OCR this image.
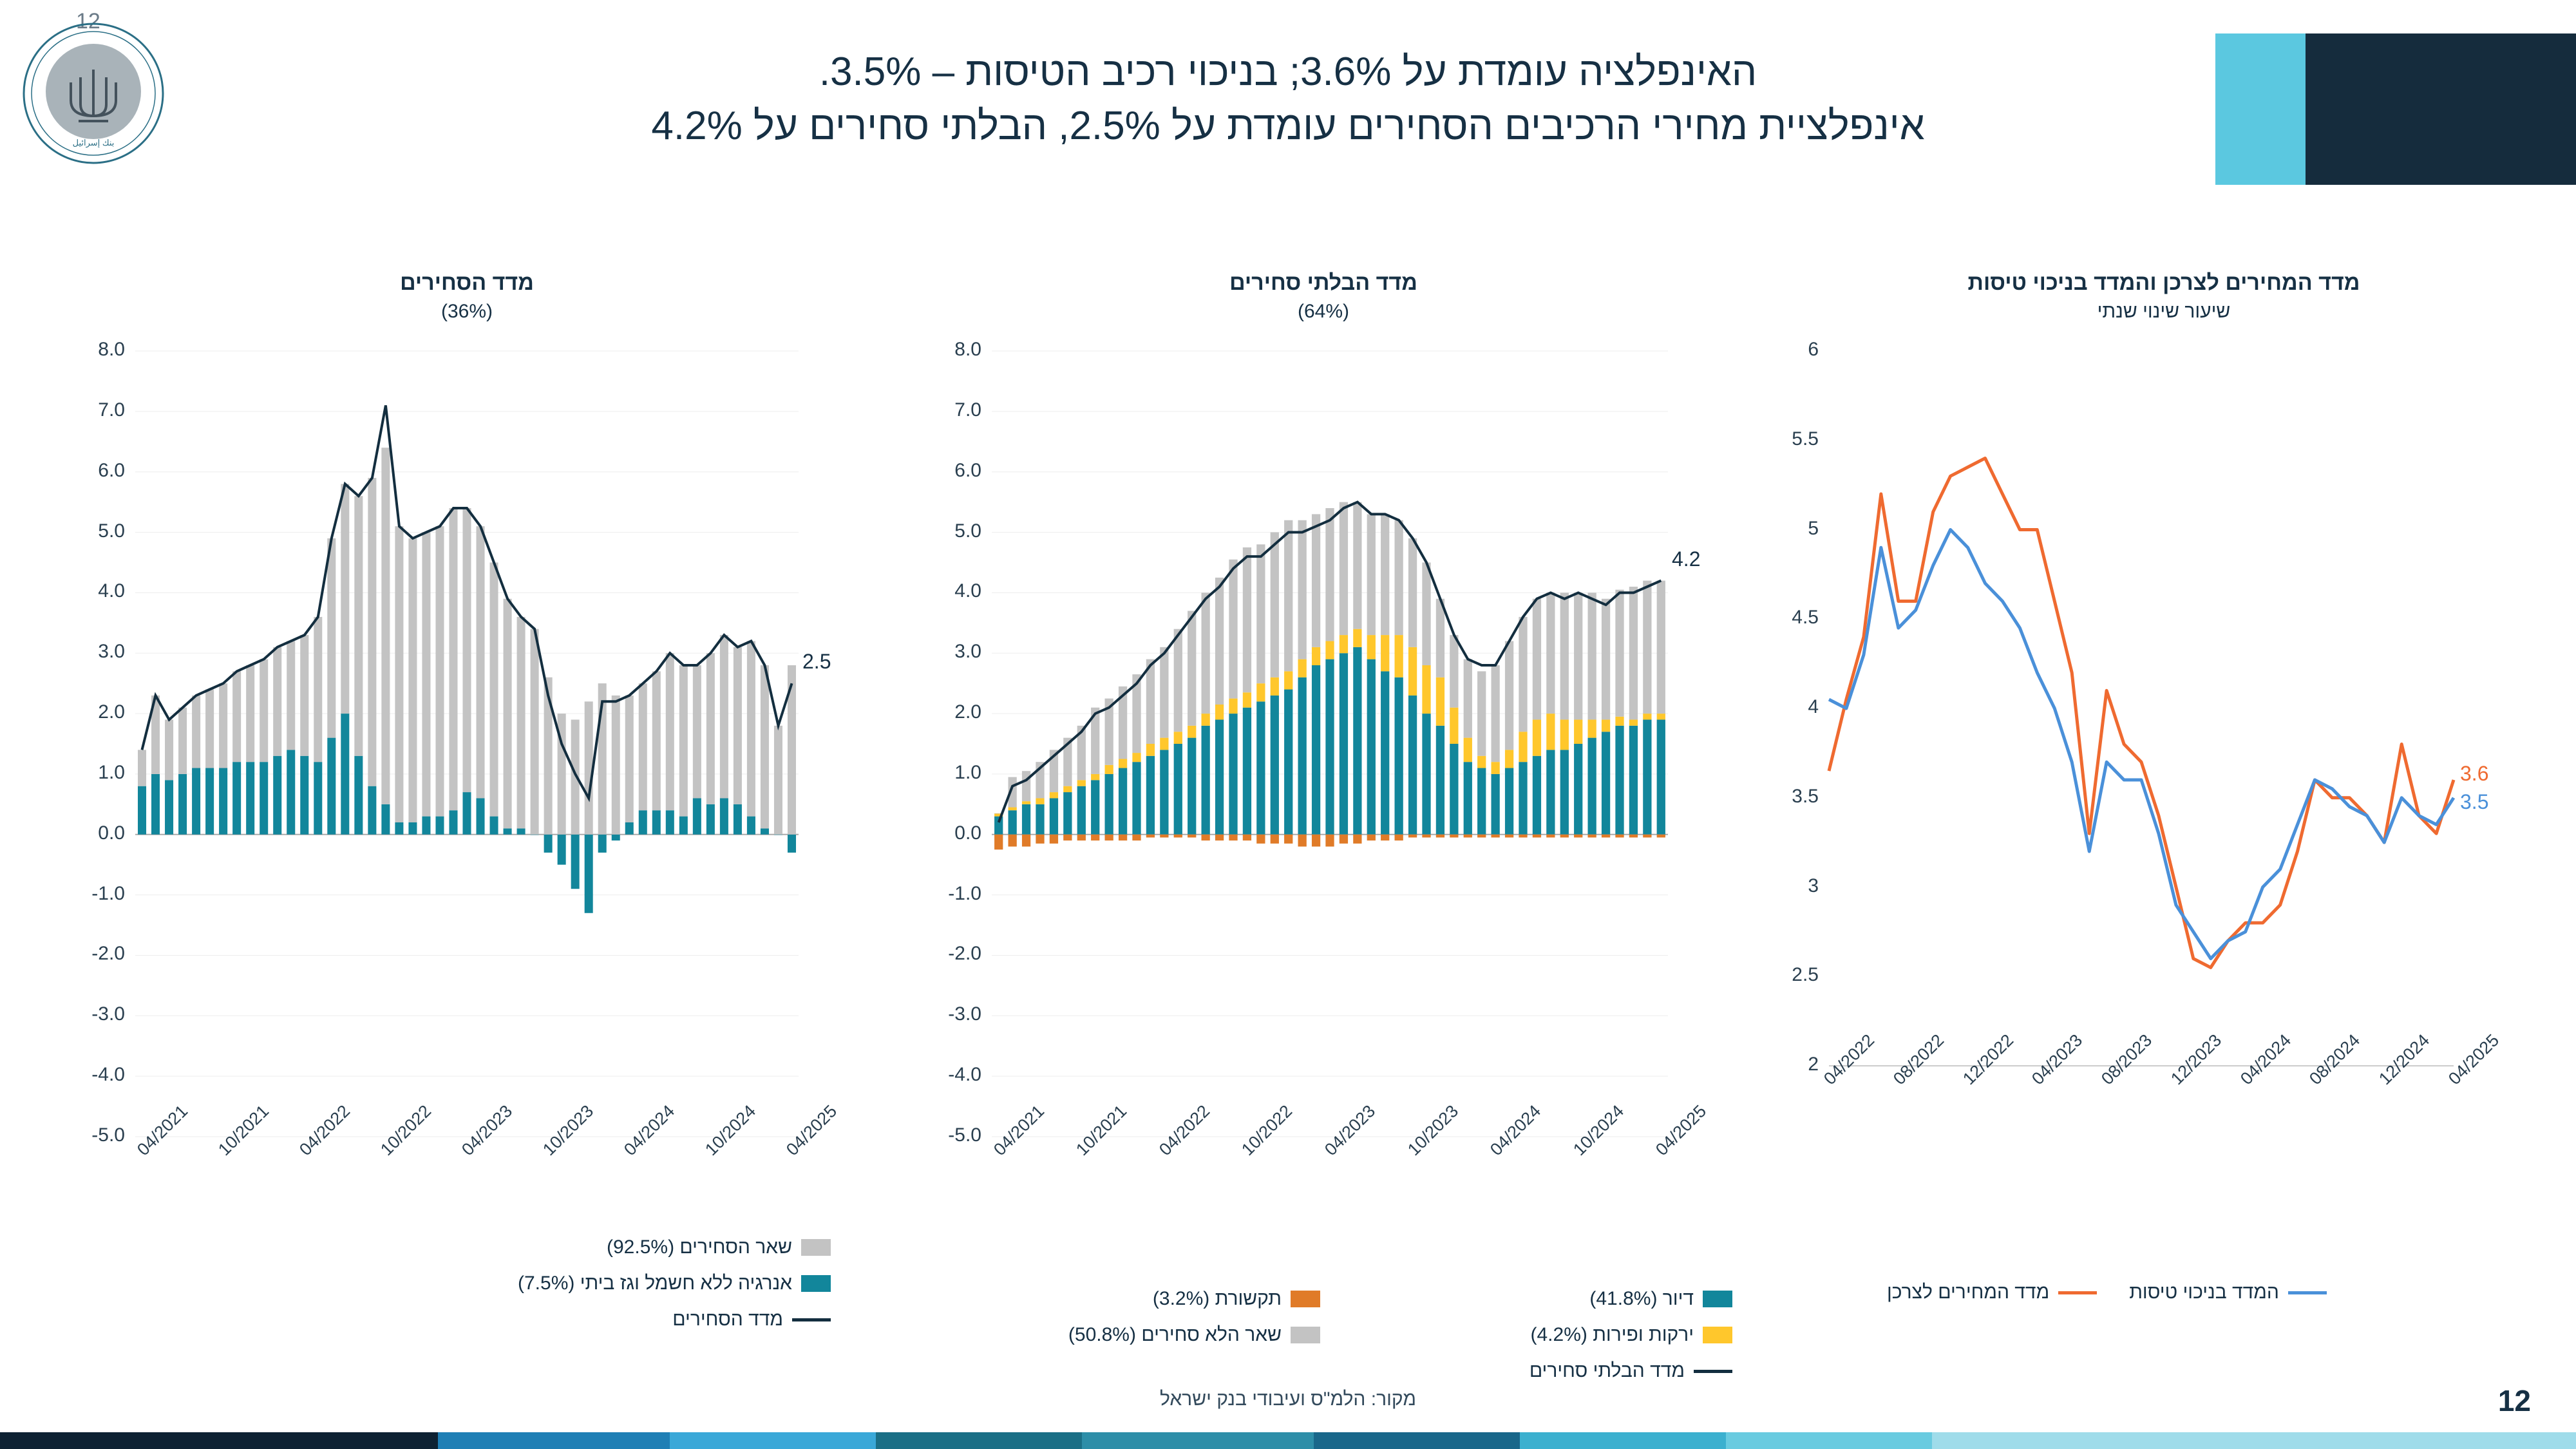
12
بنك إسرائيل
האינפלציה עומדת על 3.6%; בניכוי רכיב הטיסות – 3.5%.
אינפלציית מחירי הרכיבים הסחירים עומדת על 2.5%, הבלתי סחירים על 4.2%
מדד הסחירים
(36%)
8.0
7.0
6.0
5.0
4.0
3.0
2.0
1.0
0.0
-1.0
-2.0
-3.0
-4.0
-5.0 04/2021 10/2021 04/2022 10/2022 04/2023 10/2023 04/2024 10/2024 04/2025
2.5
שאר הסחירים (92.5%)
אנרגיה ללא חשמל וגז ביתי (7.5%)
מדד הסחירים
מדד הבלתי סחירים
(64%)
8.0
7.0
6.0
5.0
4.0
3.0
2.0
1.0
0.0
-1.0
-2.0
-3.0
-4.0
-5.0 04/2021 10/2021 04/2022 10/2022 04/2023 10/2023 04/2024 10/2024 04/2025
4.2
דיור (41.8%)
תקשורת (3.2%)
ירקות ופירות (4.2%)
שאר הלא סחירים (50.8%)
מדד הבלתי סחירים
מדד המחירים לצרכן והמדד בניכוי טיסות
שיעור שינוי שנתי
6
5.5
5
4.5
4
3.5
3
2.5
2 04/2022 08/2022 12/2022 04/2023 08/2023 12/2023 04/2024 08/2024 12/2024 04/2025
3.6
3.5
המדד בניכוי טיסות
מדד המחירים לצרכן
מקור: הלמ"ס ועיבודי בנק ישראל	12
